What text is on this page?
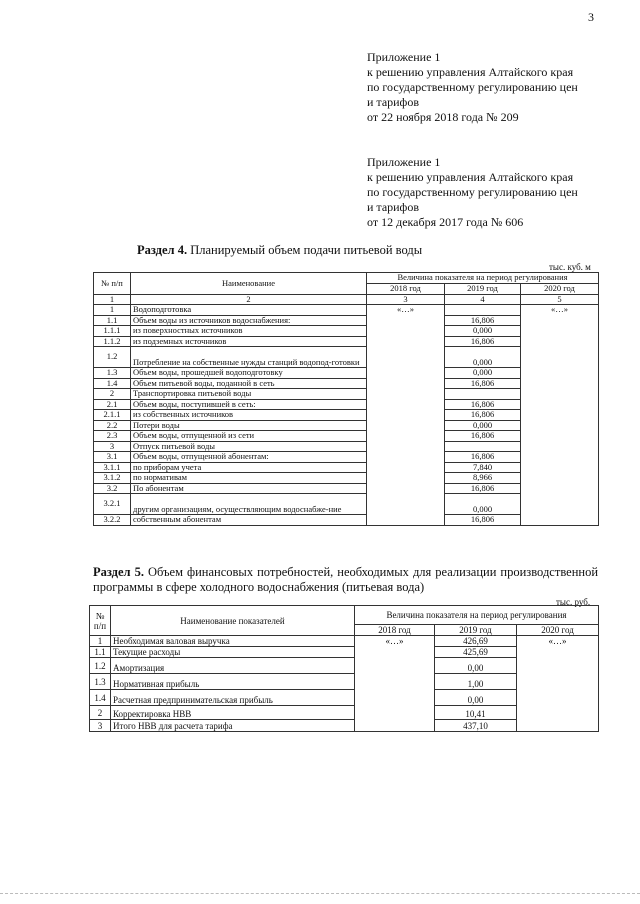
3
Приложение 1
к решению управления Алтайского края
по государственному регулированию цен
и тарифов
от 22 ноября 2018 года № 209
Приложение 1
к решению управления Алтайского края
по государственному регулированию цен
и тарифов
от 12 декабря 2017 года № 606
Раздел 4. Планируемый объем подачи питьевой воды
тыс. куб. м
№ п/п	Наименование	Величина показателя на период регулирования		
		2018 год	2019 год	2020 год
1	2	3	4	5
1	Водоподготовка	«…»		«…»
1.1	Объем воды из источников водоснабжения:		16,806	
1.1.1	из поверхностных источников		0,000	
1.1.2	из подземных источников		16,806	
1.2	Потребление на собственные нужды станций водопод-готовки		0,000	
1.3	Объем воды, прошедшей водоподготовку		0,000	
1.4	Объем питьевой воды, поданной в сеть		16,806	
2	Транспортировка питьевой воды			
2.1	Объем воды, поступившей в сеть:		16,806	
2.1.1	из собственных источников		16,806	
2.2	Потери воды		0,000	
2.3	Объем воды, отпущенной из сети		16,806	
3	Отпуск питьевой воды			
3.1	Объем воды, отпущенной абонентам:		16,806	
3.1.1	по приборам учета		7,840	
3.1.2	по нормативам		8,966	
3.2	По абонентам		16,806	
3.2.1	другим организациям, осуществляющим водоснабже-ние		0,000	
3.2.2	собственным абонентам		16,806	
Раздел 5. Объем финансовых потребностей, необходимых для реализации производственной программы в сфере холодного водоснабжения (питьевая вода)
тыс. руб.
№ п/п	Наименование показателей	Величина показателя на период регулирования		
		2018 год	2019 год	2020 год
1	Необходимая валовая выручка	«…»	426,69	«…»
1.1	Текущие расходы		425,69	
1.2	Амортизация		0,00	
1.3	Нормативная прибыль		1,00	
1.4	Расчетная предпринимательская прибыль		0,00	
2	Корректировка НВВ		10,41	
3	Итого НВВ для расчета тарифа		437,10	
